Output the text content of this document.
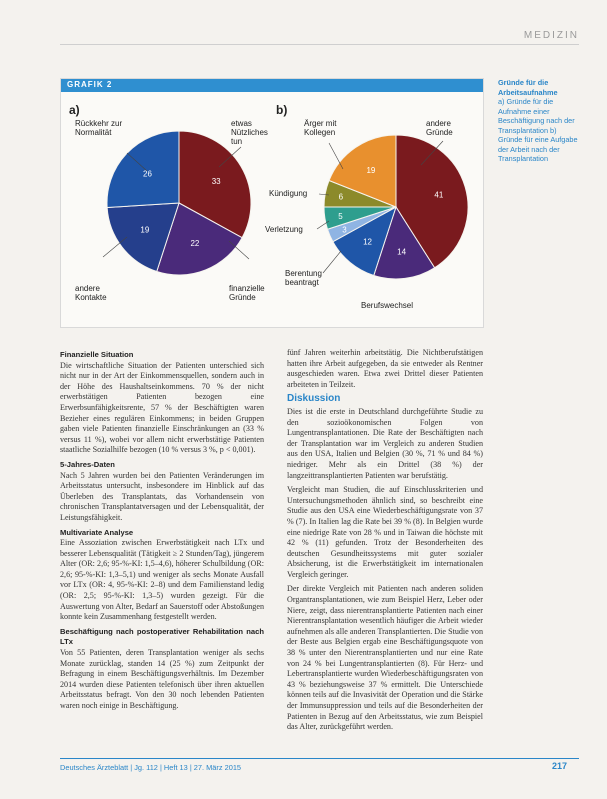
MEDIZIN
GRAFIK 2
33
22
19
26
41
14
12
3
5
6
19
a)	b)
Rückkehr zur Normalität
etwas Nützliches tun
andere Kontakte
finanzielle Gründe
Ärger mit Kollegen
andere Gründe
Kündigung
Verletzung
Berentung beantragt
Berufswechsel
Gründe für die Arbeitsaufnahme
a) Gründe für die Aufnahme einer Beschäftigung nach der Transplantation b) Gründe für eine Aufgabe der Arbeit nach der Transplantation
Finanzielle Situation

Die wirtschaftliche Situation der Patienten unterschied sich nicht nur in der Art der Einkommensquellen, sondern auch in der Höhe des Haushaltseinkommens. 70 % der nicht erwerbstätigen Patienten bezogen eine Erwerbsunfähigkeitsrente, 57 % der Beschäftigten waren Bezieher eines regulären Einkommens; in beiden Gruppen gaben viele Patienten finanzielle Einschränkungen an (33 % versus 11 %), wobei vor allem nicht erwerbstätige Patienten staatliche Sozialhilfe bezogen (10 % versus 3 %, p < 0,001).

5-Jahres-Daten

Nach 5 Jahren wurden bei den Patienten Veränderungen im Arbeitsstatus untersucht, insbesondere im Hinblick auf das Überleben des Transplantats, das Vorhandensein von chronischen Transplantatversagen und der Lebensqualität, der Leistungsfähigkeit.

Multivariate Analyse

Eine Assoziation zwischen Erwerbstätigkeit nach LTx und besserer Lebensqualität (Tätigkeit ≥ 2 Stunden/Tag), jüngerem Alter (OR: 2,6; 95-%-KI: 1,5–4,6), höherer Schulbildung (OR: 2,6; 95-%-KI: 1,3–5,1) und weniger als sechs Monate Ausfall vor LTx (OR: 4, 95-%-KI: 2–8) und dem Familienstand ledig (OR: 2,5; 95-%-KI: 1,3–5) wurden gezeigt. Für die Auswertung von Alter, Bedarf an Sauerstoff oder Abstoßungen konnte kein Zusammenhang festgestellt werden.

Beschäftigung nach postoperativer Rehabilitation nach LTx

Von 55 Patienten, deren Transplantation weniger als sechs Monate zurücklag, standen 14 (25 %) zum Zeitpunkt der Befragung in einem Beschäftigungsverhältnis. Im Dezember 2014 wurden diese Patienten telefonisch über ihren aktuellen Arbeitsstatus befragt. Von den 30 noch lebenden Patienten waren noch einige in Beschäftigung.

fünf Jahren weiterhin arbeitstätig. Die Nichtberufstätigen hatten ihre Arbeit aufgegeben, da sie entweder als Rentner ausgeschieden waren. Etwa zwei Drittel dieser Patienten arbeiteten in Teilzeit.

Diskussion

Dies ist die erste in Deutschland durchgeführte Studie zu den sozioökonomischen Folgen von Lungentransplantationen. Die Rate der Beschäftigten nach der Transplantation war im Vergleich zu anderen Studien aus den USA, Italien und Belgien (30 %, 71 % und 84 %) niedriger. Mehr als ein Drittel (38 %) der langzeittransplantierten Patienten war berufstätig.

Vergleicht man Studien, die auf Einschlusskriterien und Untersuchungsmethoden ähnlich sind, so beschreibt eine Studie aus den USA eine Wiederbeschäftigungsrate von 37 % (7). In Italien lag die Rate bei 39 % (8). In Belgien wurde eine niedrige Rate von 28 % und in Taiwan die höchste mit 42 % (11) gefunden. Trotz der Besonderheiten des deutschen Gesundheitssystems mit guter sozialer Absicherung, ist die Erwerbstätigkeit im internationalen Vergleich geringer.

Der direkte Vergleich mit Patienten nach anderen soliden Organtransplantationen, wie zum Beispiel Herz, Leber oder Niere, zeigt, dass nierentransplantierte Patienten nach einer Nierentransplantation wesentlich häufiger die Arbeit wieder aufnehmen als alle anderen Transplantierten. Die Studie von der Beste aus Belgien ergab eine Beschäftigungsquote von 38 % unter den Nierentransplantierten und nur eine Rate von 24 % bei Lungentransplantierten (8). Für Herz- und Lebertransplantierte wurden Wiederbeschäftigungsraten von 43 % beziehungsweise 37 % ermittelt. Die Unterschiede können teils auf die Invasivität der Operation und die Stärke der Immunsuppression und teils auf die Besonderheiten der Patienten in Bezug auf den Arbeitsstatus, wie zum Beispiel das Alter, zurückgeführt werden.

Deutsches Ärzteblatt | Jg. 112 | Heft 13 | 27. März 2015	217
